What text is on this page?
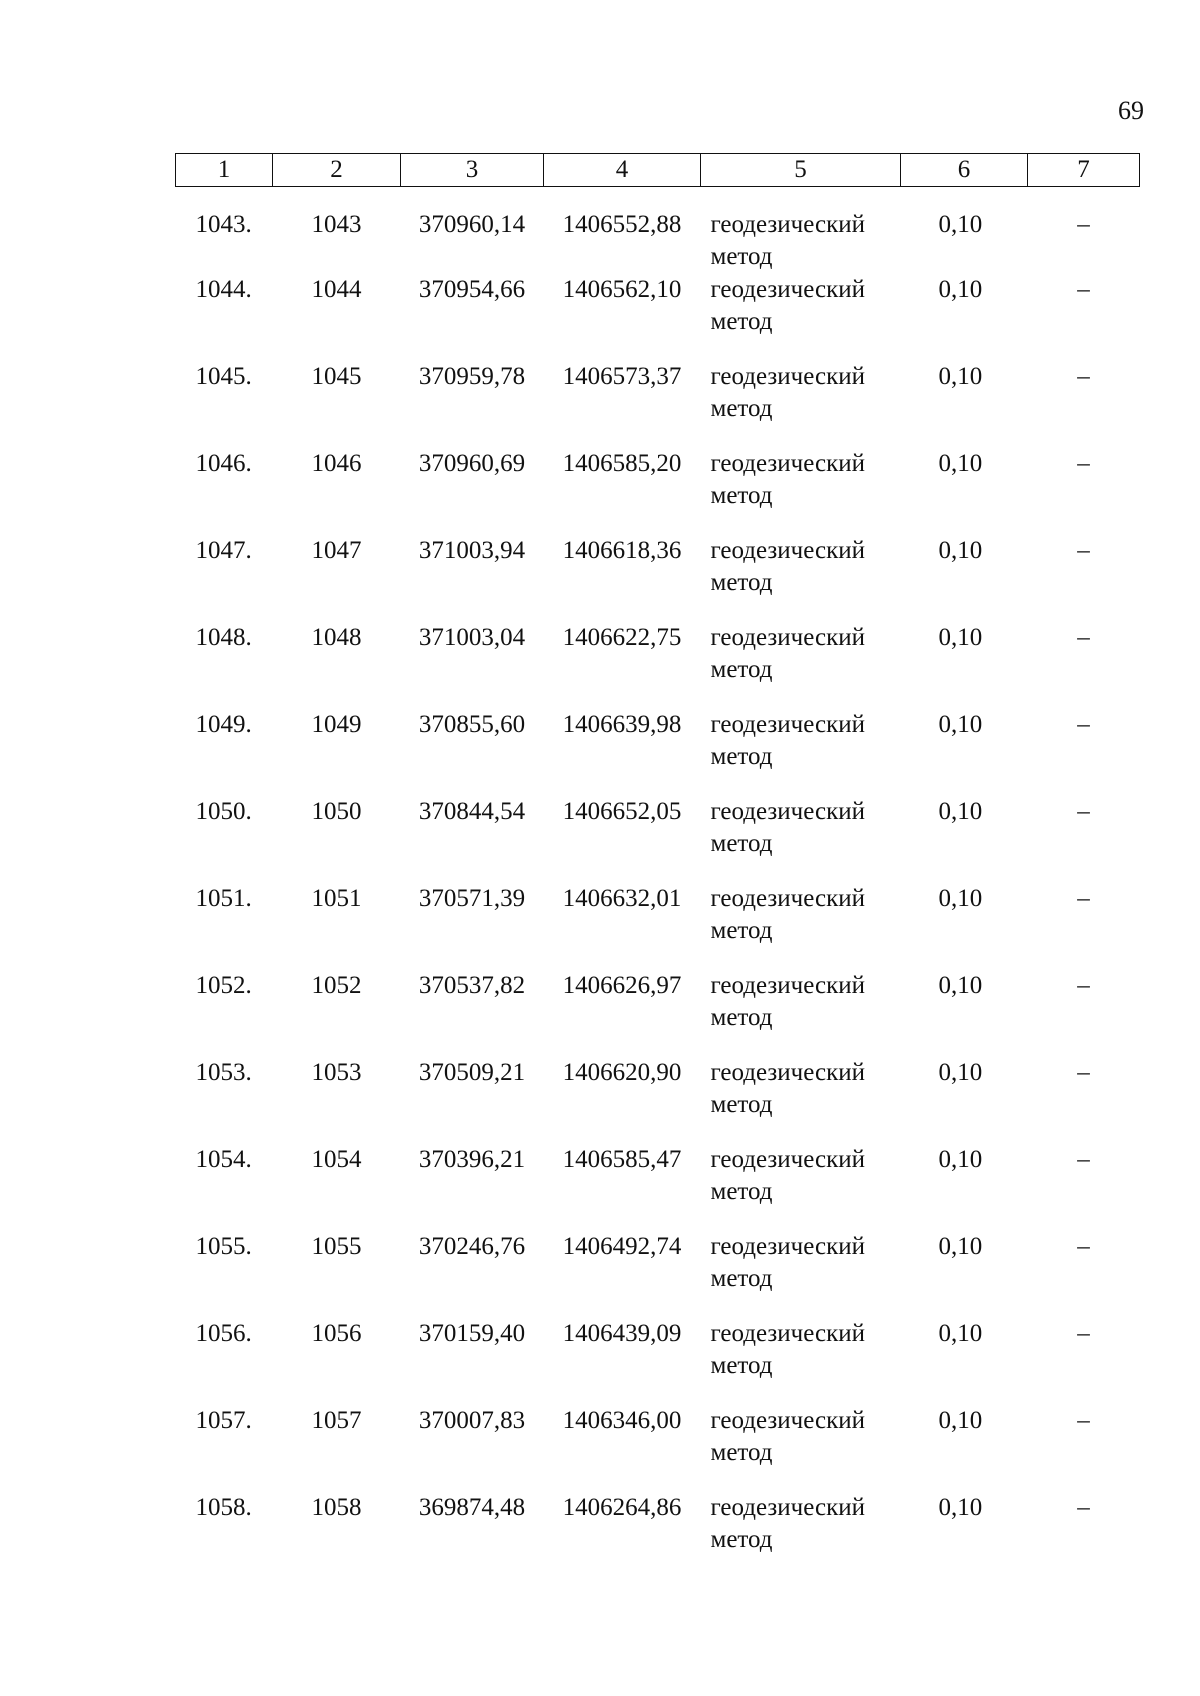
69
1	2	3	4	5	6	7
1043.	1043	370960,14	1406552,88	геодезический метод	0,10	–
1044.	1044	370954,66	1406562,10	геодезический метод	0,10	–
1045.	1045	370959,78	1406573,37	геодезический метод	0,10	–
1046.	1046	370960,69	1406585,20	геодезический метод	0,10	–
1047.	1047	371003,94	1406618,36	геодезический метод	0,10	–
1048.	1048	371003,04	1406622,75	геодезический метод	0,10	–
1049.	1049	370855,60	1406639,98	геодезический метод	0,10	–
1050.	1050	370844,54	1406652,05	геодезический метод	0,10	–
1051.	1051	370571,39	1406632,01	геодезический метод	0,10	–
1052.	1052	370537,82	1406626,97	геодезический метод	0,10	–
1053.	1053	370509,21	1406620,90	геодезический метод	0,10	–
1054.	1054	370396,21	1406585,47	геодезический метод	0,10	–
1055.	1055	370246,76	1406492,74	геодезический метод	0,10	–
1056.	1056	370159,40	1406439,09	геодезический метод	0,10	–
1057.	1057	370007,83	1406346,00	геодезический метод	0,10	–
1058.	1058	369874,48	1406264,86	геодезический метод	0,10	–
